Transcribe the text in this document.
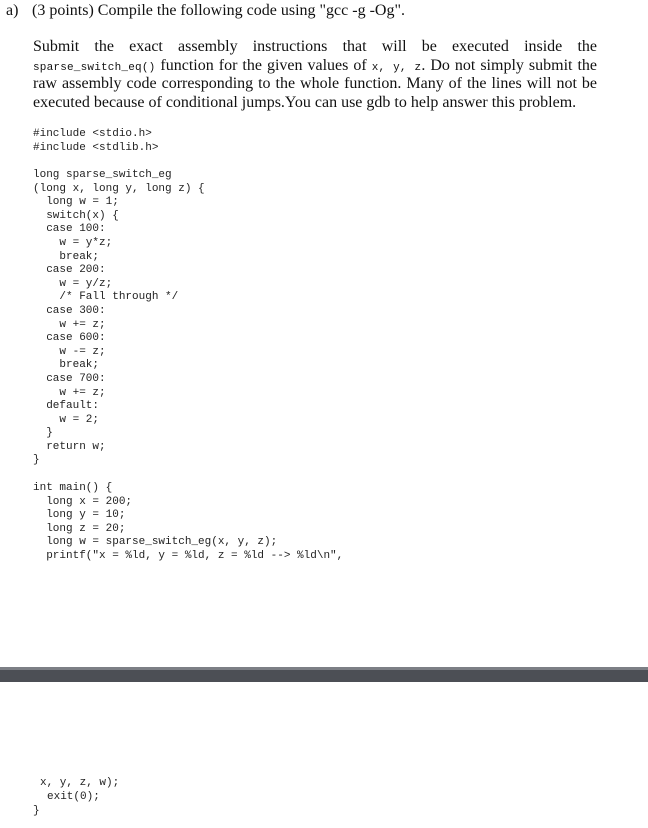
a) (3 points) Compile the following code using "gcc -g -Og".
Submit the exact assembly instructions that will be executed inside the
sparse_switch_eq() function for the given values of x, y, z. Do not simply submit the
raw assembly code corresponding to the whole function. Many of the lines will not be
executed because of conditional jumps.You can use gdb to help answer this problem.
#include <stdio.h>
#include <stdlib.h>
long sparse_switch_eg
(long x, long y, long z) {
long w = 1;
switch(x) {
case 100:
w = y*z;
break;
case 200:
w = y/z;
/* Fall through */
case 300:
w += z;
case 600:
w -= z;
break;
case 700:
w += z;
default:
w = 2;
}
return w;
}
int main() {
long x = 200;
long y = 10;
long z = 20;
long w = sparse_switch_eg(x, y, z);
printf("x = %ld, y = %ld, z = %ld --> %ld\n",
x, y, z, w);
exit(0);
}
